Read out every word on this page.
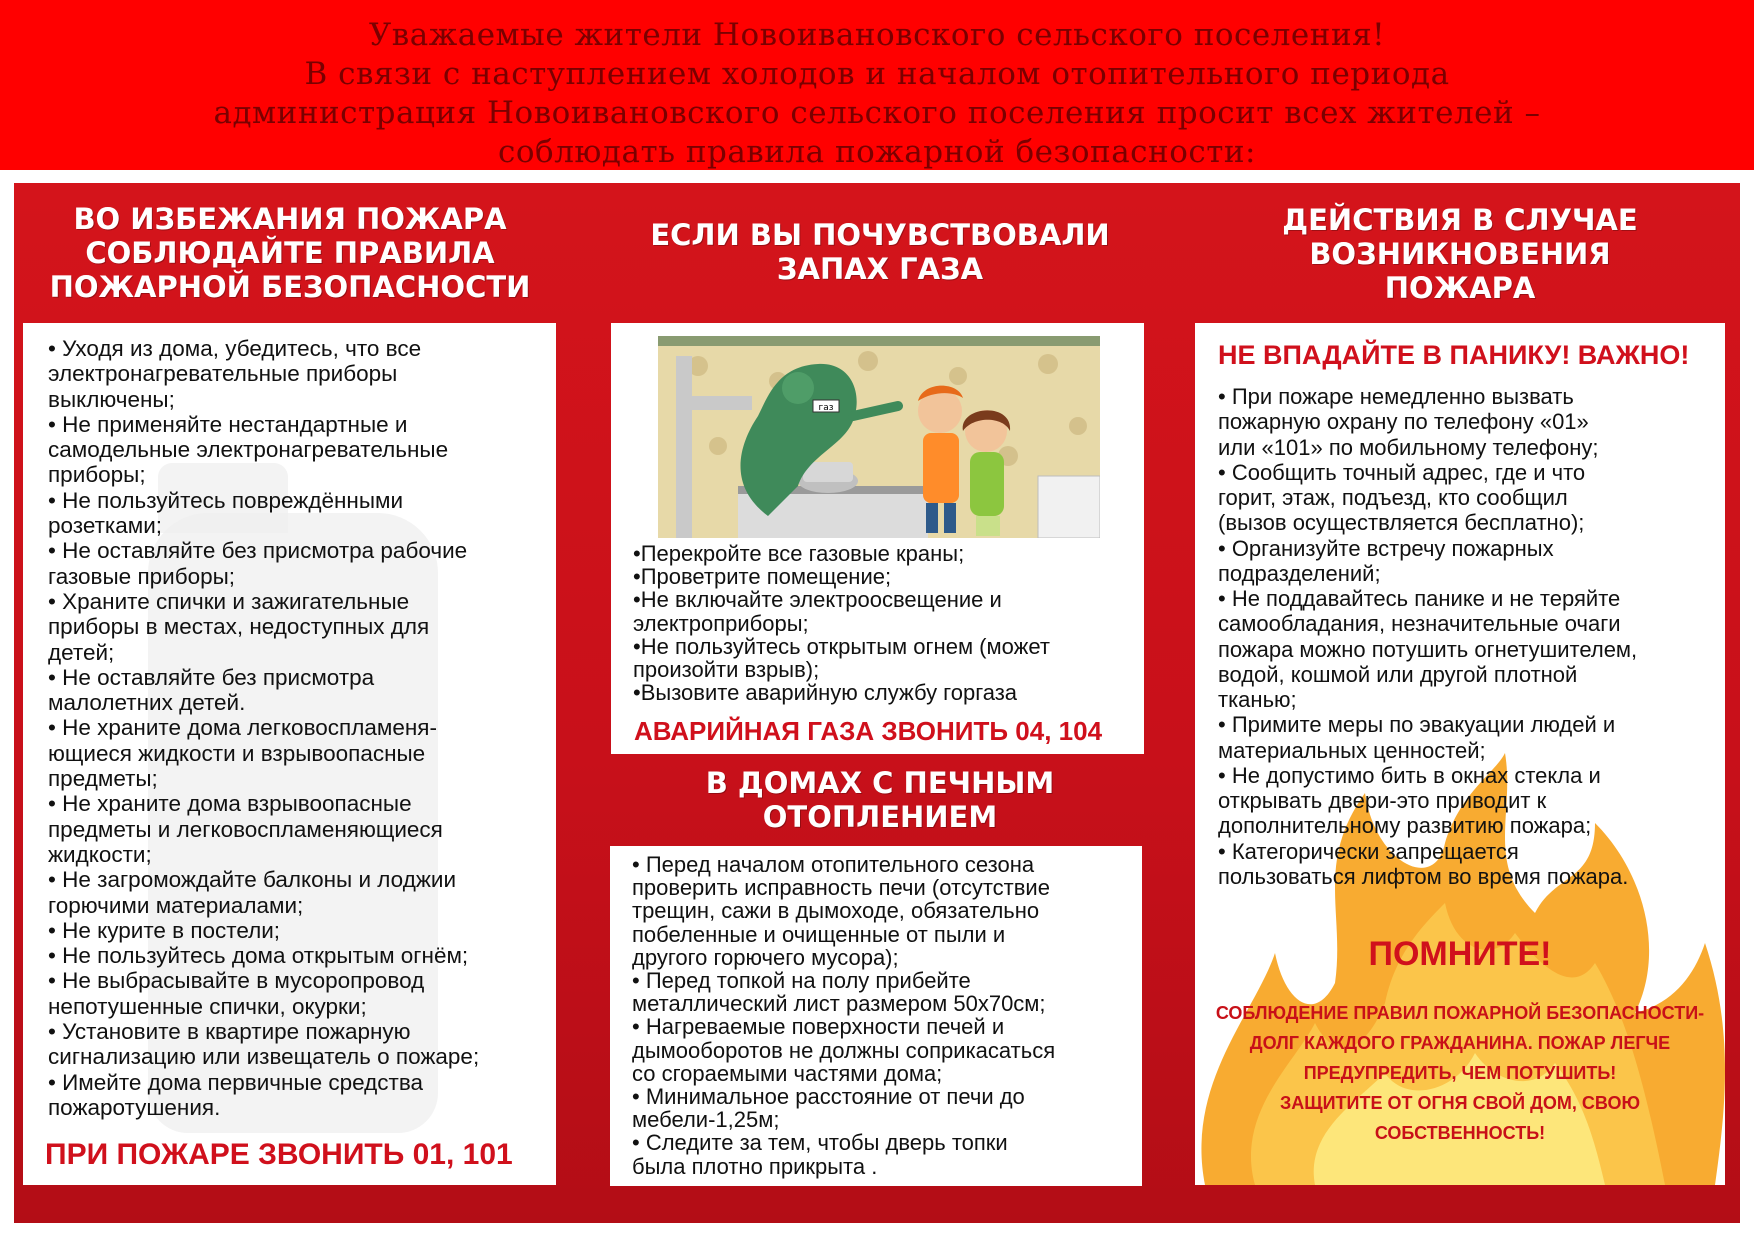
Уважаемые жители Новоивановского сельского поселения!
В связи с наступлением холодов и началом отопительного периода
администрация Новоивановского сельского поселения просит всех жителей –
соблюдать правила пожарной безопасности:
ВО ИЗБЕЖАНИЯ ПОЖАРА
СОБЛЮДАЙТЕ ПРАВИЛА
ПОЖАРНОЙ БЕЗОПАСНОСТИ
• Уходя из дома, убедитесь, что все
электронагревательные приборы
выключены;
• Не применяйте нестандартные и
самодельные электронагревательные
приборы;
• Не пользуйтесь повреждёнными
розетками;
• Не оставляйте без присмотра рабочие
газовые приборы;
• Храните спички и зажигательные
приборы в местах, недоступных для
детей;
• Не оставляйте без присмотра
малолетних детей.
• Не храните дома легковоспламеня-
ющиеся жидкости и взрывоопасные
предметы;
• Не храните дома взрывоопасные
предметы и легковоспламеняющиеся
жидкости;
• Не загромождайте балконы и лоджии
горючими материалами;
• Не курите в постели;
• Не пользуйтесь дома открытым огнём;
• Не выбрасывайте в мусоропровод
непотушенные спички, окурки;
• Установите в квартире пожарную
сигнализацию или извещатель о пожаре;
• Имейте дома первичные средства
пожаротушения.
ПРИ ПОЖАРЕ ЗВОНИТЬ 01, 101
ЕСЛИ ВЫ ПОЧУВСТВОВАЛИ
ЗАПАХ ГАЗА
газ
•Перекройте все газовые краны;
•Проветрите помещение;
•Не включайте электроосвещение и
электроприборы;
•Не пользуйтесь открытым огнем (может
произойти взрыв);
•Вызовите аварийную службу горгаза
АВАРИЙНАЯ ГАЗА ЗВОНИТЬ 04, 104
В ДОМАХ С ПЕЧНЫМ
ОТОПЛЕНИЕМ
• Перед началом отопительного сезона
проверить исправность печи (отсутствие
трещин, сажи в дымоходе, обязательно
побеленные и очищенные от пыли и
другого горючего мусора);
• Перед топкой на полу прибейте
металлический лист размером 50х70см;
• Нагреваемые поверхности печей и
дымооборотов не должны соприкасаться
со сгораемыми частями дома;
• Минимальное расстояние от печи до
мебели-1,25м;
• Следите за тем, чтобы дверь топки
была плотно прикрыта .
ДЕЙСТВИЯ В СЛУЧАЕ
ВОЗНИКНОВЕНИЯ
ПОЖАРА
НЕ ВПАДАЙТЕ В ПАНИКУ! ВАЖНО!
• При пожаре немедленно вызвать
пожарную охрану по телефону «01»
или «101» по мобильному телефону;
• Сообщить точный адрес, где и что
горит, этаж, подъезд, кто сообщил
(вызов осуществляется бесплатно);
• Организуйте встречу пожарных
подразделений;
• Не поддавайтесь панике и не теряйте
самообладания, незначительные очаги
пожара можно потушить огнетушителем,
водой, кошмой или другой плотной
тканью;
• Примите меры по эвакуации людей и
материальных ценностей;
• Не допустимо бить в окнах стекла и
открывать двери-это приводит к
дополнительному развитию пожара;
• Категорически запрещается
пользоваться лифтом во время пожара.
ПОМНИТЕ!
СОБЛЮДЕНИЕ ПРАВИЛ ПОЖАРНОЙ БЕЗОПАСНОСТИ-
ДОЛГ КАЖДОГО ГРАЖДАНИНА. ПОЖАР ЛЕГЧЕ
ПРЕДУПРЕДИТЬ, ЧЕМ ПОТУШИТЬ!
ЗАЩИТИТЕ ОТ ОГНЯ СВОЙ ДОМ, СВОЮ
СОБСТВЕННОСТЬ!
